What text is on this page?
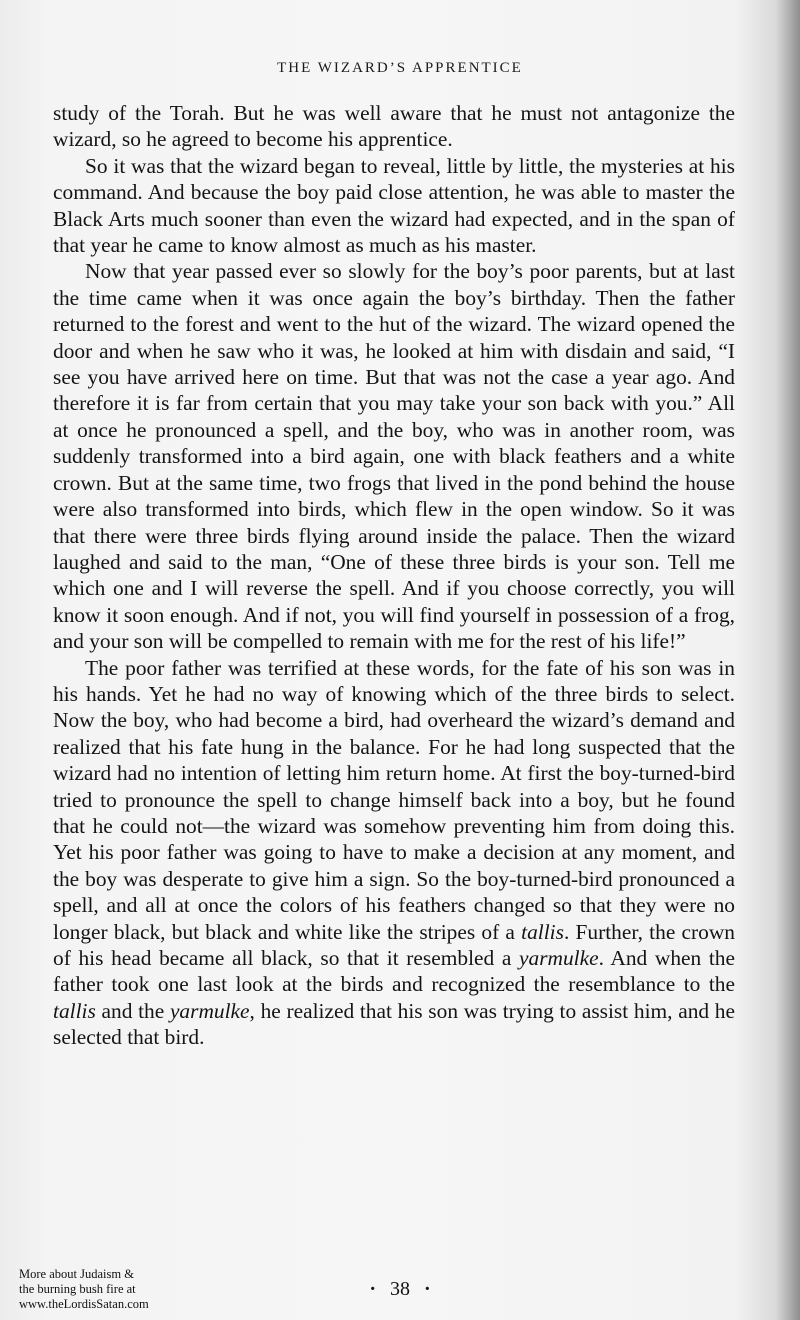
THE WIZARD’S APPRENTICE

study of the Torah. But he was well aware that he must not antagonize the wizard, so he agreed to become his apprentice.

So it was that the wizard began to reveal, little by little, the mysteries at his command. And because the boy paid close attention, he was able to master the Black Arts much sooner than even the wizard had expected, and in the span of that year he came to know almost as much as his master.

Now that year passed ever so slowly for the boy’s poor parents, but at last the time came when it was once again the boy’s birthday. Then the father returned to the forest and went to the hut of the wizard. The wizard opened the door and when he saw who it was, he looked at him with disdain and said, “I see you have arrived here on time. But that was not the case a year ago. And therefore it is far from certain that you may take your son back with you.” All at once he pronounced a spell, and the boy, who was in another room, was suddenly transformed into a bird again, one with black feathers and a white crown. But at the same time, two frogs that lived in the pond behind the house were also transformed into birds, which flew in the open window. So it was that there were three birds flying around inside the palace. Then the wizard laughed and said to the man, “One of these three birds is your son. Tell me which one and I will reverse the spell. And if you choose correctly, you will know it soon enough. And if not, you will find yourself in possession of a frog, and your son will be compelled to remain with me for the rest of his life!”

The poor father was terrified at these words, for the fate of his son was in his hands. Yet he had no way of knowing which of the three birds to select. Now the boy, who had become a bird, had overheard the wizard’s demand and realized that his fate hung in the balance. For he had long suspected that the wizard had no intention of letting him return home. At first the boy-turned-bird tried to pronounce the spell to change himself back into a boy, but he found that he could not—the wizard was somehow preventing him from doing this. Yet his poor father was going to have to make a decision at any moment, and the boy was desperate to give him a sign. So the boy-turned-bird pronounced a spell, and all at once the colors of his feathers changed so that they were no longer black, but black and white like the stripes of a tallis. Further, the crown of his head became all black, so that it resembled a yarmulke. And when the father took one last look at the birds and recognized the resemblance to the tallis and the yarmulke, he realized that his son was trying to assist him, and he selected that bird.

More about Judaism &
the burning bush fire at
www.theLordisSatan.com
· 38 ·
